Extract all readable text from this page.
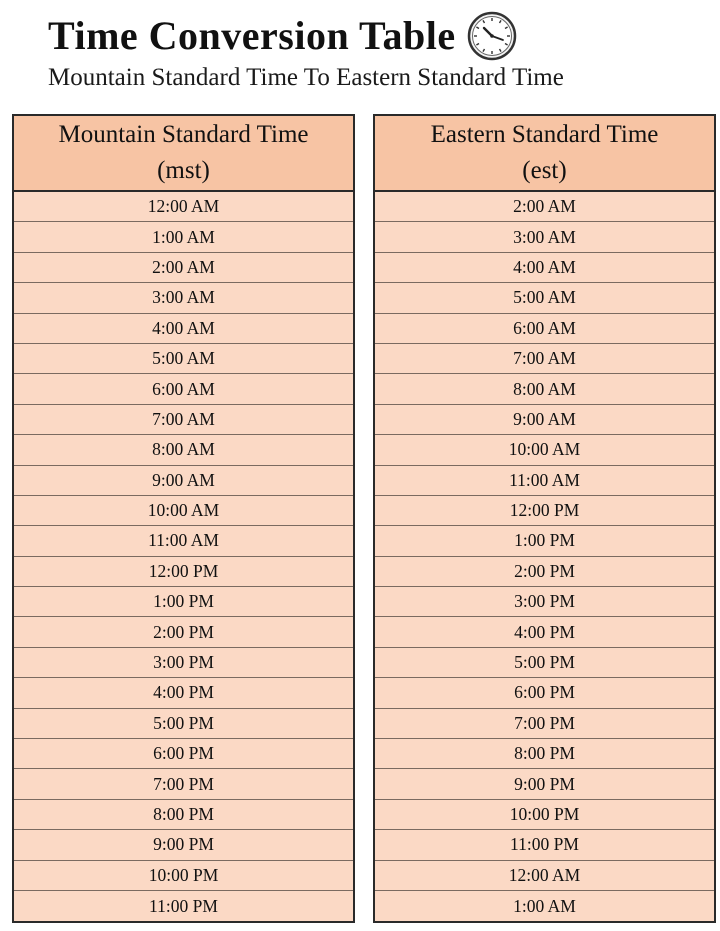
Time Conversion Table
Mountain Standard Time To Eastern Standard Time
Mountain Standard Time
(mst)
12:00 AM
1:00 AM
2:00 AM
3:00 AM
4:00 AM
5:00 AM
6:00 AM
7:00 AM
8:00 AM
9:00 AM
10:00 AM
11:00 AM
12:00 PM
1:00 PM
2:00 PM
3:00 PM
4:00 PM
5:00 PM
6:00 PM
7:00 PM
8:00 PM
9:00 PM
10:00 PM
11:00 PM
Eastern Standard Time
(est)
2:00 AM
3:00 AM
4:00 AM
5:00 AM
6:00 AM
7:00 AM
8:00 AM
9:00 AM
10:00 AM
11:00 AM
12:00 PM
1:00 PM
2:00 PM
3:00 PM
4:00 PM
5:00 PM
6:00 PM
7:00 PM
8:00 PM
9:00 PM
10:00 PM
11:00 PM
12:00 AM
1:00 AM
